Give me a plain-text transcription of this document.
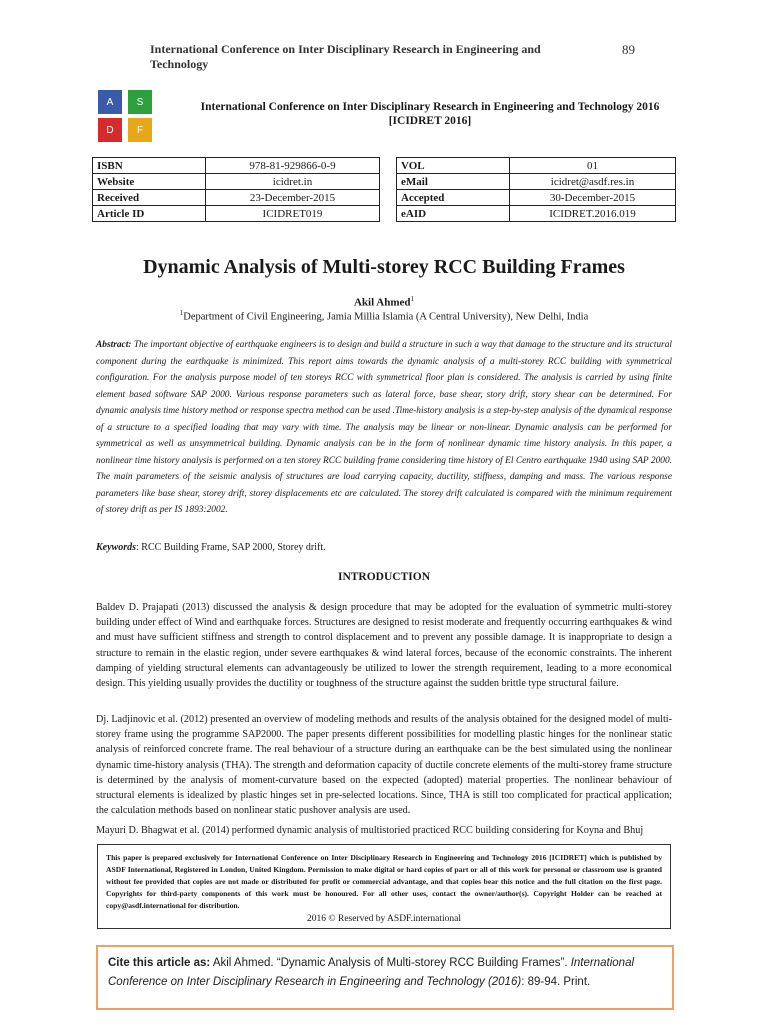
International Conference on Inter Disciplinary Research in Engineering and Technology
89
A	S
D	F
International Conference on Inter Disciplinary Research in Engineering and Technology 2016
[ICIDRET 2016]
ISBN	978-81-929866-0-9
Website	icidret.in
Received	23-December-2015
Article ID	ICIDRET019
VOL	01
eMail	icidret@asdf.res.in
Accepted	30-December-2015
eAID	ICIDRET.2016.019
Dynamic Analysis of Multi-storey RCC Building Frames
Akil Ahmed$^1$
$^1$Department of Civil Engineering, Jamia Millia Islamia (A Central University), New Delhi, India
Abstract: The important objective of earthquake engineers is to design and build a structure in such a way that damage to the structure and its structural component during the earthquake is minimized. This report aims towards the dynamic analysis of a multi-storey RCC building with symmetrical configuration. For the analysis purpose model of ten storeys RCC with symmetrical floor plan is considered. The analysis is carried by using finite element based software SAP 2000. Various response parameters such as lateral force, base shear, story drift, story shear can be determined. For dynamic analysis time history method or response spectra method can be used .Time-history analysis is a step-by-step analysis of the dynamical response of a structure to a specified loading that may vary with time. The analysis may be linear or non-linear. Dynamic analysis can be performed for symmetrical as well as unsymmetrical building. Dynamic analysis can be in the form of nonlinear dynamic time history analysis. In this paper, a nonlinear time history analysis is performed on a ten storey RCC building frame considering time history of El Centro earthquake 1940 using SAP 2000. The main parameters of the seismic analysis of structures are load carrying capacity, ductility, stiffness, damping and mass. The various response parameters like base shear, storey drift, storey displacements etc are calculated. The storey drift calculated is compared with the minimum requirement of storey drift as per IS 1893:2002.
Keywords: RCC Building Frame, SAP 2000, Storey drift.
INTRODUCTION
Baldev D. Prajapati (2013) discussed the analysis & design procedure that may be adopted for the evaluation of symmetric multi-storey building under effect of Wind and earthquake forces. Structures are designed to resist moderate and frequently occurring earthquakes & wind and must have sufficient stiffness and strength to control displacement and to prevent any possible damage. It is inappropriate to design a structure to remain in the elastic region, under severe earthquakes & wind lateral forces, because of the economic constraints. The inherent damping of yielding structural elements can advantageously be utilized to lower the strength requirement, leading to a more economical design. This yielding usually provides the ductility or toughness of the structure against the sudden brittle type structural failure.
Dj. Ladjinovic et al. (2012) presented an overview of modeling methods and results of the analysis obtained for the designed model of multi-storey frame using the programme SAP2000. The paper presents different possibilities for modelling plastic hinges for the nonlinear static analysis of reinforced concrete frame. The real behaviour of a structure during an earthquake can be the best simulated using the nonlinear dynamic time-history analysis (THA). The strength and deformation capacity of ductile concrete elements of the multi-storey frame structure is determined by the analysis of moment-curvature based on the expected (adopted) material properties. The nonlinear behaviour of structural elements is idealized by plastic hinges set in pre-selected locations. Since, THA is still too complicated for practical application; the calculation methods based on nonlinear static pushover analysis are used.
Mayuri D. Bhagwat et al. (2014) performed dynamic analysis of multistoried practiced RCC building considering for Koyna and Bhuj
This paper is prepared exclusively for International Conference on Inter Disciplinary Research in Engineering and Technology 2016 [ICIDRET] which is published by ASDF International, Registered in London, United Kingdom. Permission to make digital or hard copies of part or all of this work for personal or classroom use is granted without fee provided that copies are not made or distributed for profit or commercial advantage, and that copies bear this notice and the full citation on the first page. Copyrights for third-party components of this work must be honoured. For all other uses, contact the owner/author(s). Copyright Holder can be reached at copy@asdf.international for distribution.
2016 © Reserved by ASDF.international
Cite this article as: Akil Ahmed. “Dynamic Analysis of Multi-storey RCC Building Frames”. International Conference on Inter Disciplinary Research in Engineering and Technology (2016): 89-94. Print.
